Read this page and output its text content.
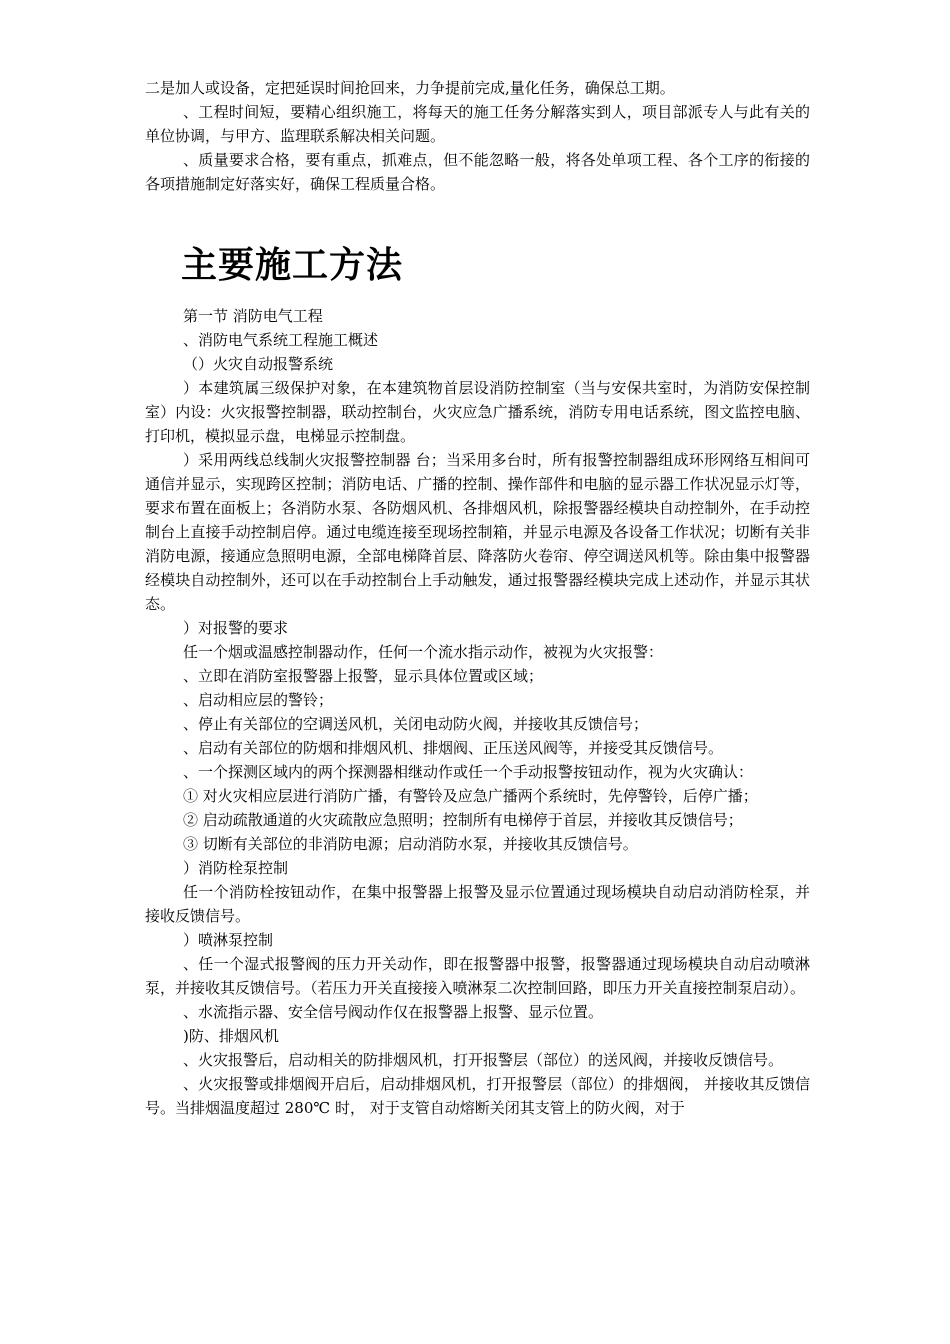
二是加人或设备，定把延误时间抢回来，力争提前完成,量化任务，确保总工期。

、工程时间短，要精心组织施工，将每天的施工任务分解落实到人，项目部派专人与此有关的单位协调，与甲方、监理联系解决相关问题。

、质量要求合格，要有重点，抓难点，但不能忽略一般，将各处单项工程、各个工序的衔接的各项措施制定好落实好，确保工程质量合格。

主要施工方法

第一节 消防电气工程

、消防电气系统工程施工概述

（）火灾自动报警系统

）本建筑属三级保护对象，在本建筑物首层设消防控制室（当与安保共室时，为消防安保控制室）内设：火灾报警控制器，联动控制台，火灾应急广播系统，消防专用电话系统，图文监控电脑、打印机，模拟显示盘，电梯显示控制盘。

）采用两线总线制火灾报警控制器 台；当采用多台时，所有报警控制器组成环形网络互相间可通信并显示，实现跨区控制；消防电话、广播的控制、操作部件和电脑的显示器工作状况显示灯等，要求布置在面板上；各消防水泵、各防烟风机、各排烟风机，除报警器经模块自动控制外，在手动控制台上直接手动控制启停。通过电缆连接至现场控制箱，并显示电源及各设备工作状况；切断有关非消防电源，接通应急照明电源，全部电梯降首层、降落防火卷帘、停空调送风机等。除由集中报警器经模块自动控制外，还可以在手动控制台上手动触发，通过报警器经模块完成上述动作，并显示其状态。

）对报警的要求

任一个烟或温感控制器动作，任何一个流水指示动作，被视为火灾报警：

、立即在消防室报警器上报警，显示具体位置或区域；

、启动相应层的警铃；

、停止有关部位的空调送风机，关闭电动防火阀，并接收其反馈信号；

、启动有关部位的防烟和排烟风机、排烟阀、正压送风阀等，并接受其反馈信号。

、一个探测区域内的两个探测器相继动作或任一个手动报警按钮动作，视为火灾确认：

① 对火灾相应层进行消防广播，有警铃及应急广播两个系统时，先停警铃，后停广播；

② 启动疏散通道的火灾疏散应急照明；控制所有电梯停于首层，并接收其反馈信号；

③ 切断有关部位的非消防电源；启动消防水泵，并接收其反馈信号。

）消防栓泵控制

任一个消防栓按钮动作，在集中报警器上报警及显示位置通过现场模块自动启动消防栓泵，并接收反馈信号。

）喷淋泵控制

、任一个湿式报警阀的压力开关动作，即在报警器中报警，报警器通过现场模块自动启动喷淋泵，并接收其反馈信号。（若压力开关直接接入喷淋泵二次控制回路，即压力开关直接控制泵启动）。

、水流指示器、安全信号阀动作仅在报警器上报警、显示位置。

)防、排烟风机

、火灾报警后，启动相关的防排烟风机，打开报警层（部位）的送风阀，并接收反馈信号。

、火灾报警或排烟阀开启后，启动排烟风机，打开报警层（部位）的排烟阀， 并接收其反馈信号。当排烟温度超过 280℃ 时， 对于支管自动熔断关闭其支管上的防火阀，对于
